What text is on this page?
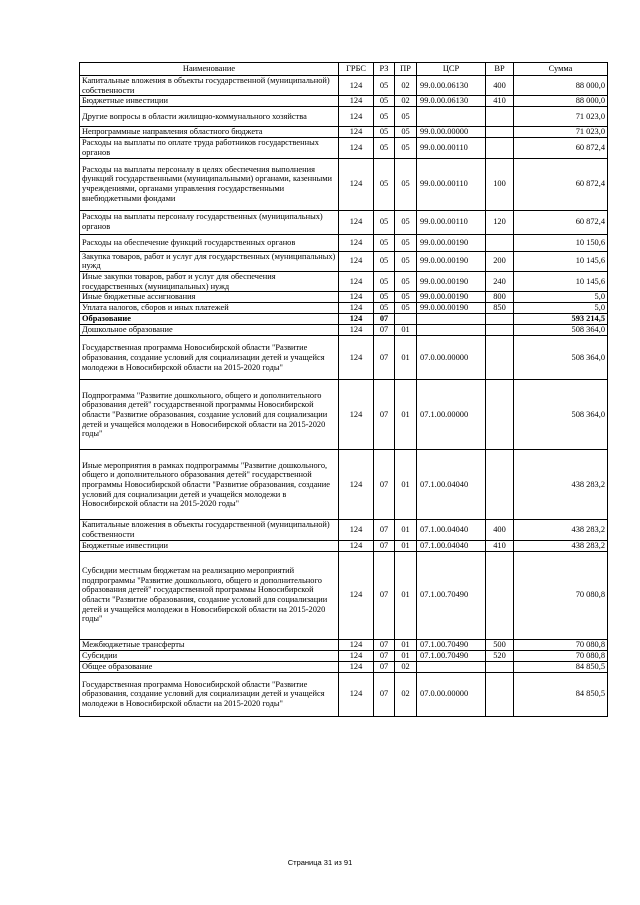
Наименование	ГРБС	РЗ	ПР	ЦСР	ВР	Сумма
Капитальные вложения в объекты государственной (муниципальной) собственности	124	05	02	99.0.00.06130	400	88 000,0
Бюджетные инвестиции	124	05	02	99.0.00.06130	410	88 000,0
Другие вопросы в области жилищно-коммунального хозяйства	124	05	05			71 023,0
Непрограммные направления областного бюджета	124	05	05	99.0.00.00000		71 023,0
Расходы на выплаты по оплате труда работников государственных органов	124	05	05	99.0.00.00110		60 872,4
Расходы на выплаты персоналу в целях обеспечения выполнения функций государственными (муниципальными) органами, казенными учреждениями, органами управления государственными внебюджетными фондами	124	05	05	99.0.00.00110	100	60 872,4
Расходы на выплаты персоналу государственных (муниципальных) органов	124	05	05	99.0.00.00110	120	60 872,4
Расходы на обеспечение функций государственных органов	124	05	05	99.0.00.00190		10 150,6
Закупка товаров, работ и услуг для государственных (муниципальных) нужд	124	05	05	99.0.00.00190	200	10 145,6
Иные закупки товаров, работ и услуг для обеспечения государственных (муниципальных) нужд	124	05	05	99.0.00.00190	240	10 145,6
Иные бюджетные ассигнования	124	05	05	99.0.00.00190	800	5,0
Уплата налогов, сборов и иных платежей	124	05	05	99.0.00.00190	850	5,0
Образование	124	07				593 214,5
Дошкольное образование	124	07	01			508 364,0
Государственная программа Новосибирской области "Развитие образования, создание условий для социализации детей и учащейся молодежи в Новосибирской области на 2015-2020 годы"	124	07	01	07.0.00.00000		508 364,0
Подпрограмма "Развитие дошкольного, общего и дополнительного образования детей" государственной программы Новосибирской области "Развитие образования, создание условий для социализации детей и учащейся молодежи в Новосибирской области на 2015-2020 годы"	124	07	01	07.1.00.00000		508 364,0
Иные мероприятия в рамках подпрограммы "Развитие дошкольного, общего и дополнительного образования детей" государственной программы Новосибирской области "Развитие образования, создание условий для социализации детей и учащейся молодежи в Новосибирской области на 2015-2020 годы"	124	07	01	07.1.00.04040		438 283,2
Капитальные вложения в объекты государственной (муниципальной) собственности	124	07	01	07.1.00.04040	400	438 283,2
Бюджетные инвестиции	124	07	01	07.1.00.04040	410	438 283,2
Субсидии местным бюджетам на реализацию мероприятий подпрограммы "Развитие дошкольного, общего и дополнительного образования детей" государственной программы Новосибирской области "Развитие образования, создание условий для социализации детей и учащейся молодежи в Новосибирской области на 2015-2020 годы"	124	07	01	07.1.00.70490		70 080,8
Межбюджетные трансферты	124	07	01	07.1.00.70490	500	70 080,8
Субсидии	124	07	01	07.1.00.70490	520	70 080,8
Общее образование	124	07	02			84 850,5
Государственная программа Новосибирской области "Развитие образования, создание условий для социализации детей и учащейся молодежи в Новосибирской области на 2015-2020 годы"	124	07	02	07.0.00.00000		84 850,5
Страница 31 из 91
